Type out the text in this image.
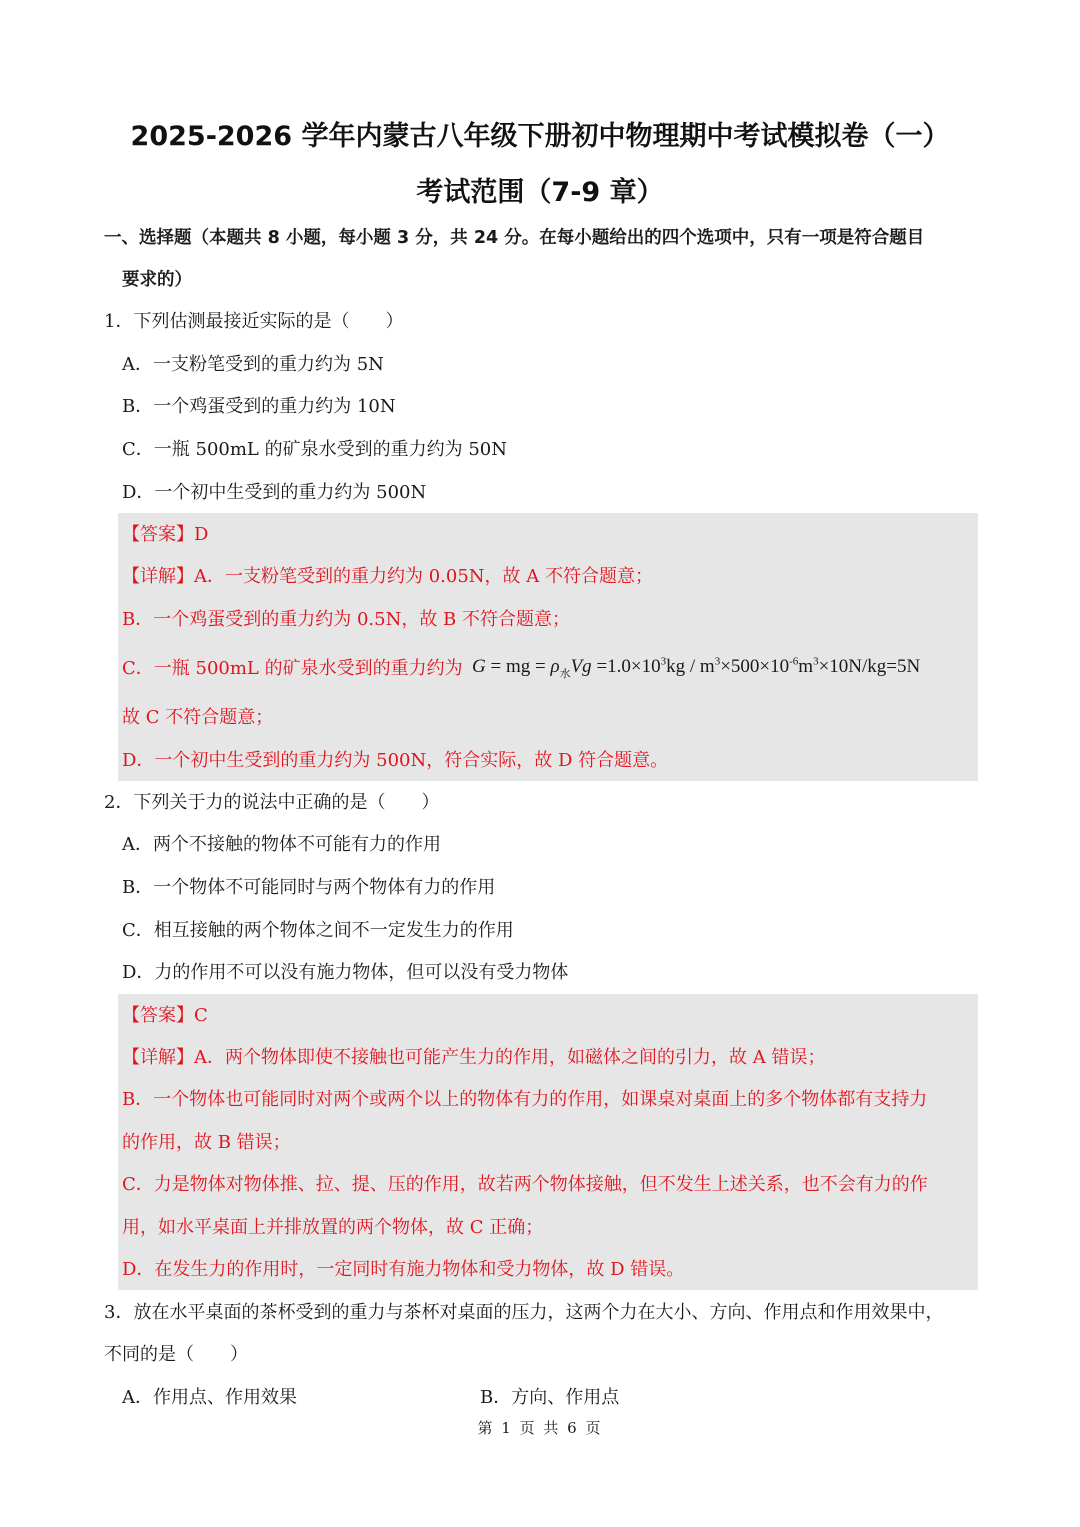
2025-2026 学年内蒙古八年级下册初中物理期中考试模拟卷（一）
考试范围（7-9 章）
一、选择题（本题共 8 小题，每小题 3 分，共 24 分。在每小题给出的四个选项中，只有一项是符合题目
要求的）
1．下列估测最接近实际的是（　　）
A．一支粉笔受到的重力约为 5N
B．一个鸡蛋受到的重力约为 10N
C．一瓶 500mL 的矿泉水受到的重力约为 50N
D．一个初中生受到的重力约为 500N
【答案】D
【详解】A．一支粉笔受到的重力约为 0.05N，故 A 不符合题意；
B．一个鸡蛋受到的重力约为 0.5N，故 B 不符合题意；
C．一瓶 500mL 的矿泉水受到的重力约为 G = mg = $\rho_水Vg =1.0\times 10^3kg / m^3\times 500\times 10^{-6}m^3\times 10N/kg=5N$
故 C 不符合题意；
D．一个初中生受到的重力约为 500N，符合实际，故 D 符合题意。
2．下列关于力的说法中正确的是（　　）
A．两个不接触的物体不可能有力的作用
B．一个物体不可能同时与两个物体有力的作用
C．相互接触的两个物体之间不一定发生力的作用
D．力的作用不可以没有施力物体，但可以没有受力物体
【答案】C
【详解】A．两个物体即使不接触也可能产生力的作用，如磁体之间的引力，故 A 错误；
B．一个物体也可能同时对两个或两个以上的物体有力的作用，如课桌对桌面上的多个物体都有支持力
的作用，故 B 错误；
C．力是物体对物体推、拉、提、压的作用，故若两个物体接触，但不发生上述关系，也不会有力的作
用，如水平桌面上并排放置的两个物体，故 C 正确；
D．在发生力的作用时，一定同时有施力物体和受力物体，故 D 错误。
3．放在水平桌面的茶杯受到的重力与茶杯对桌面的压力，这两个力在大小、方向、作用点和作用效果中，
不同的是（　　）
A．作用点、作用效果	B．方向、作用点
第 1 页 共 6 页
